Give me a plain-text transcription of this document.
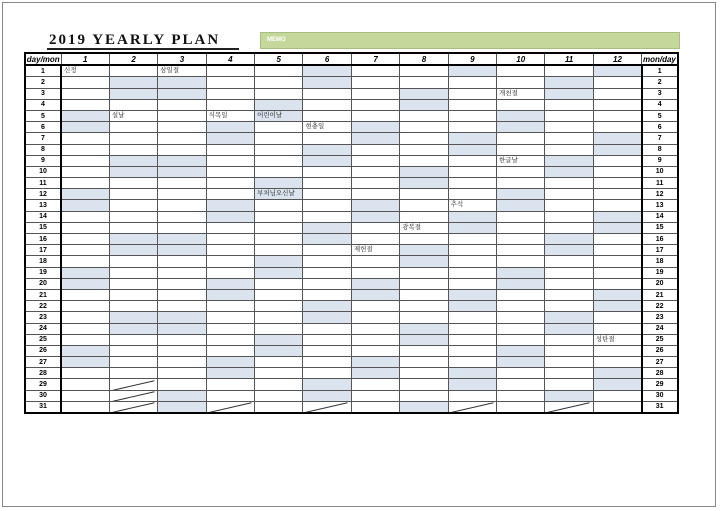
2019 YEARLY PLAN	MEMO
day/mon	1	2	3	4	5	6	7	8	9	10	11	12	mon/day
1	신정		삼일절										1
2													2
3										개천절			3
4													4
5		설날		식목일	어린이날								5
6						현충일							6
7													7
8													8
9										한글날			9
10													10
11													11
12					부처님오신날								12
13									추석				13
14													14
15								광복절					15
16													16
17							제헌절						17
18													18
19													19
20													20
21													21
22													22
23													23
24													24
25												성탄절	25
26													26
27													27
28													28
29													29
30													30
31													31
